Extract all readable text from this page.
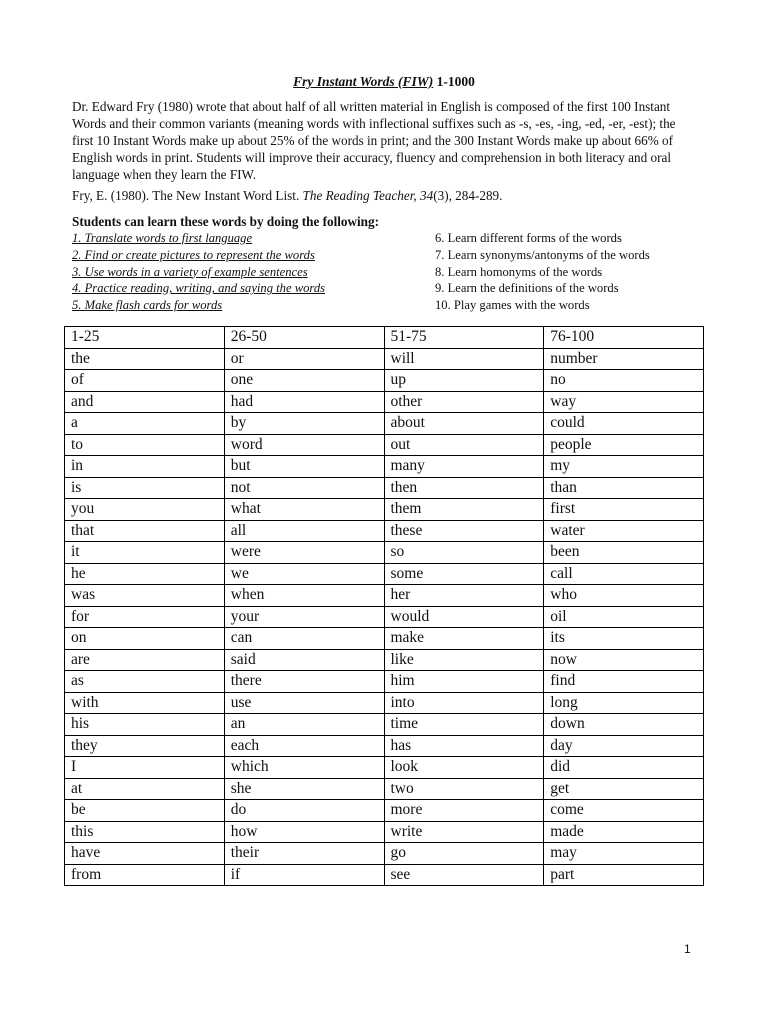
Fry Instant Words (FIW) 1-1000

Dr. Edward Fry (1980) wrote that about half of all written material in English is composed of the first 100 Instant Words and their common variants (meaning words with inflectional suffixes such as -s, -es, -ing, -ed, -er, -est); the first 10 Instant Words make up about 25% of the words in print; and the 300 Instant Words make up about 66% of English words in print. Students will improve their accuracy, fluency and comprehension in both literacy and oral language when they learn the FIW.

Fry, E. (1980). The New Instant Word List. The Reading Teacher, 34(3), 284-289.

Students can learn these words by doing the following:

1. Translate words to first language
2. Find or create pictures to represent the words
3. Use words in a variety of example sentences
4. Practice reading, writing, and saying the words
5. Make flash cards for words
6. Learn different forms of the words
7. Learn synonyms/antonyms of the words
8. Learn homonyms of the words
9. Learn the definitions of the words
10. Play games with the words
1-25	26-50	51-75	76-100
the	or	will	number
of	one	up	no
and	had	other	way
a	by	about	could
to	word	out	people
in	but	many	my
is	not	then	than
you	what	them	first
that	all	these	water
it	were	so	been
he	we	some	call
was	when	her	who
for	your	would	oil
on	can	make	its
are	said	like	now
as	there	him	find
with	use	into	long
his	an	time	down
they	each	has	day
I	which	look	did
at	she	two	get
be	do	more	come
this	how	write	made
have	their	go	may
from	if	see	part
1
